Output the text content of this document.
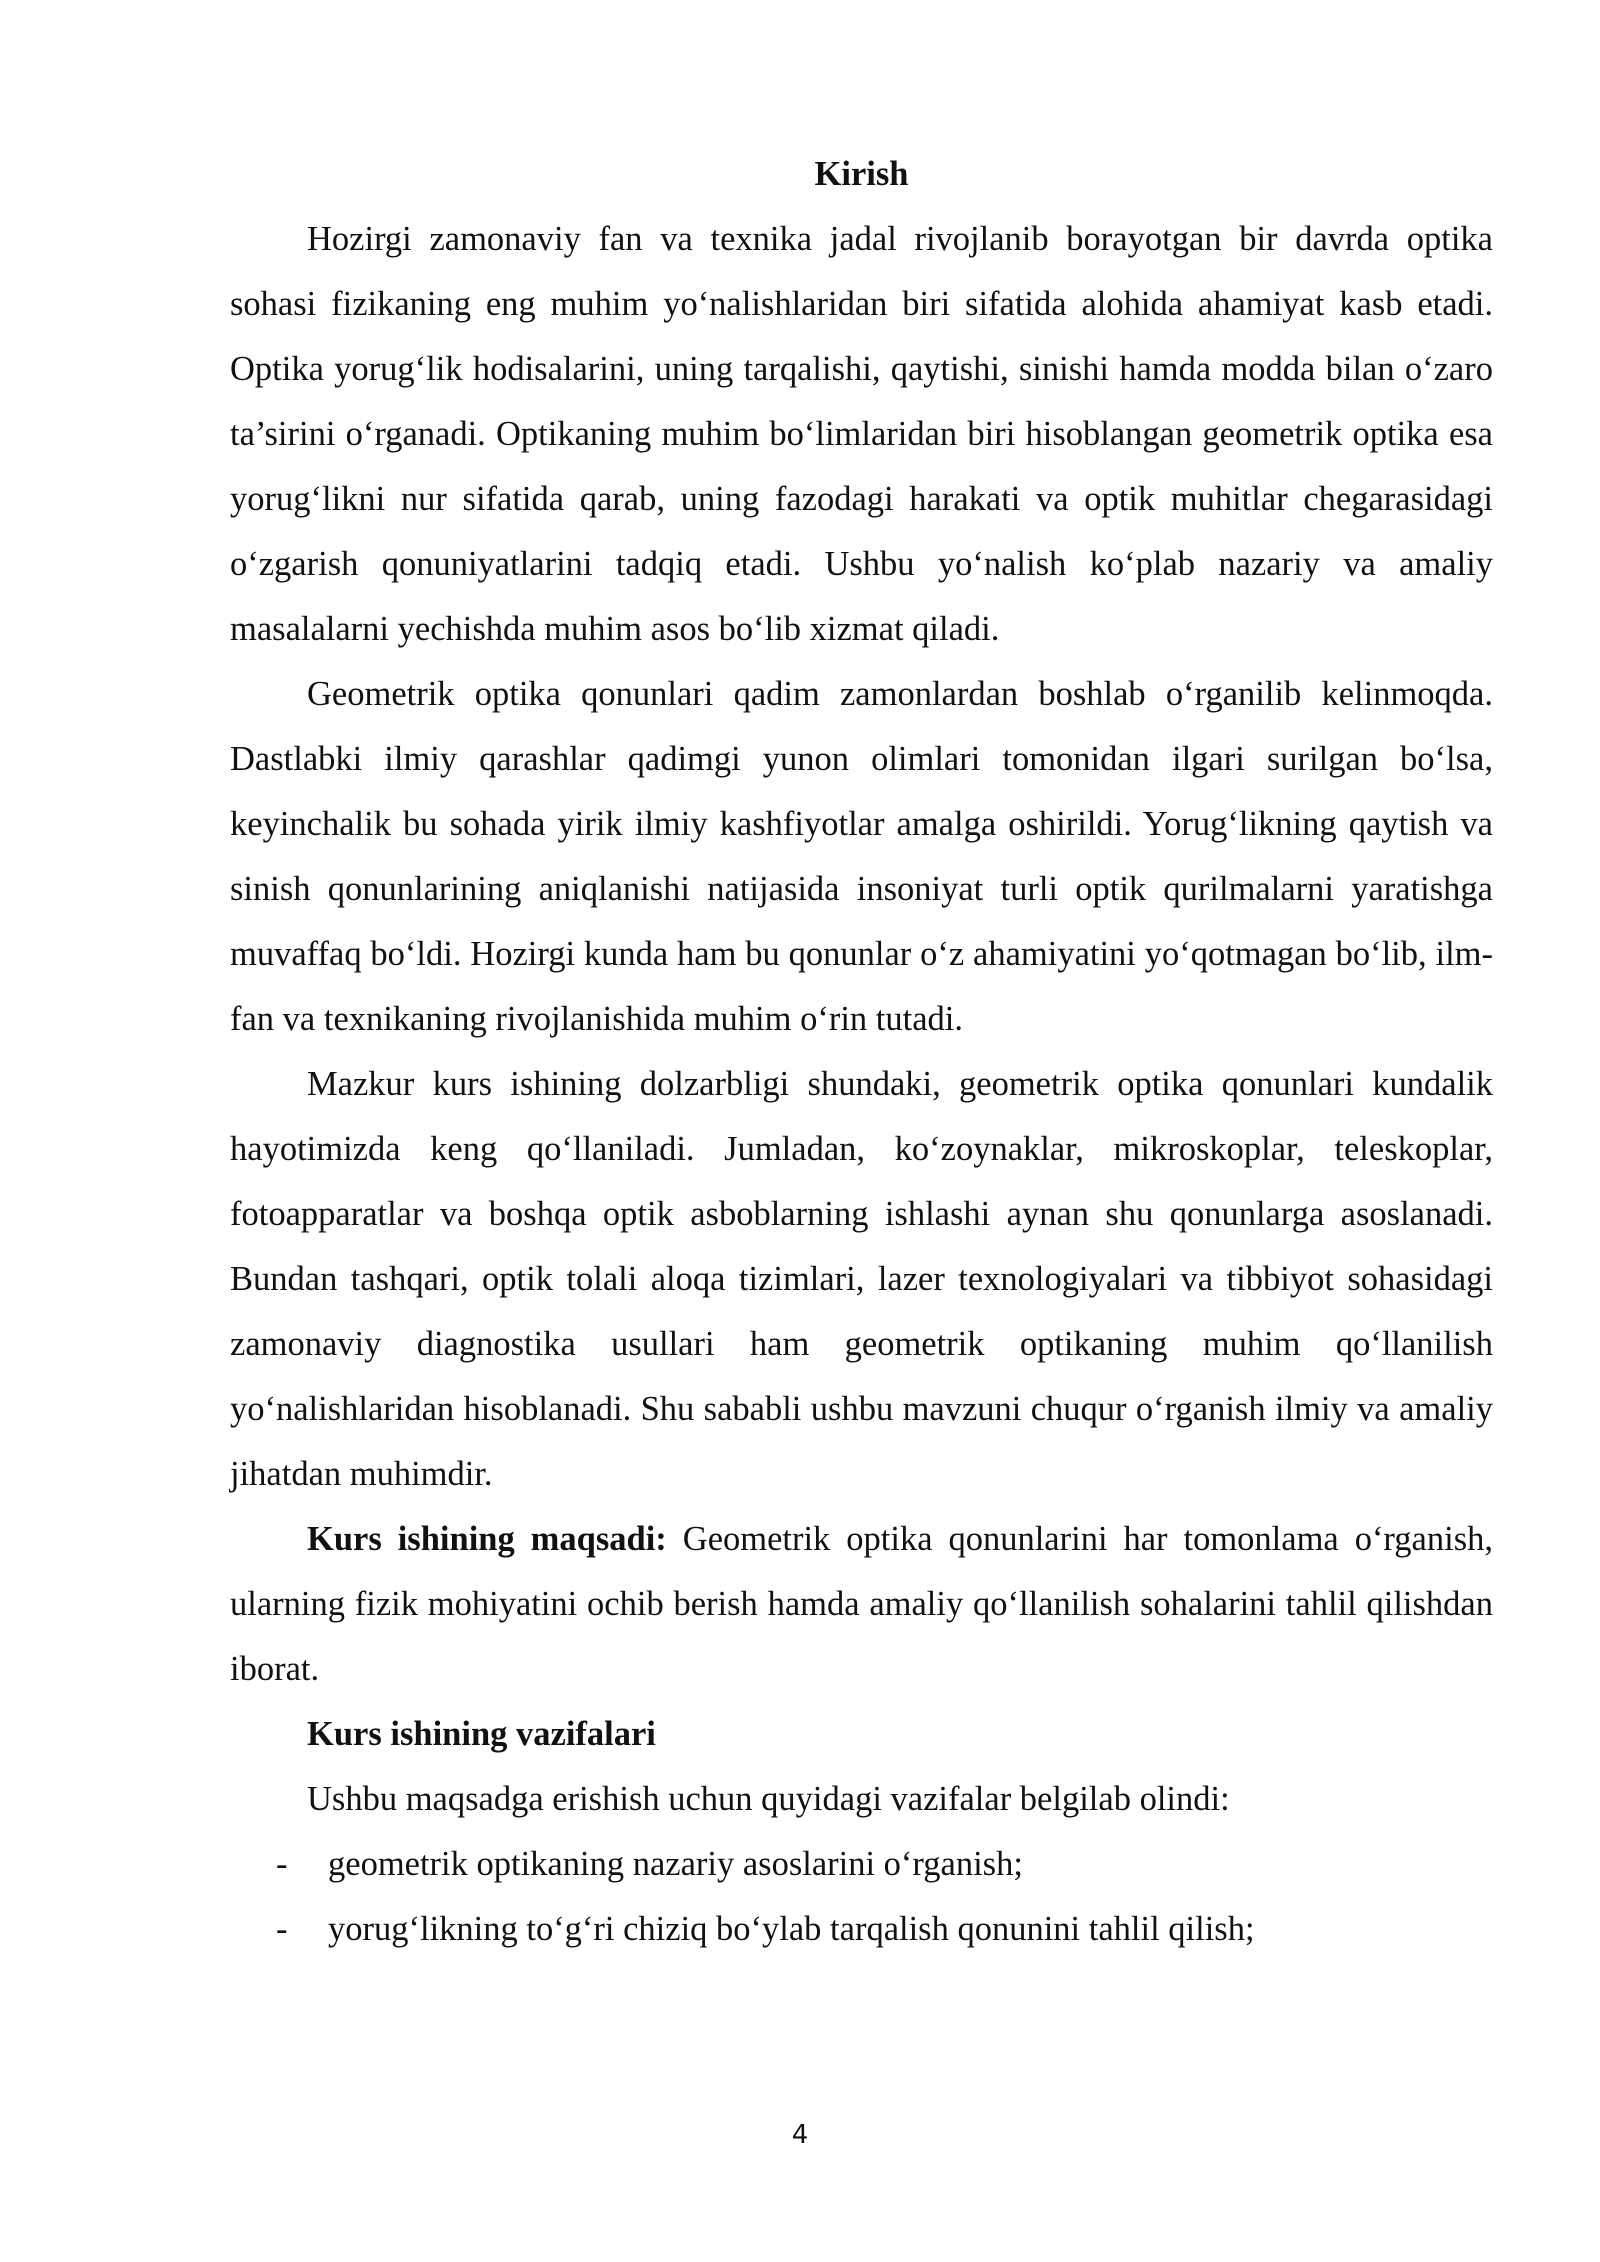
Kirish

Hozirgi zamonaviy fan va texnika jadal rivojlanib borayotgan bir davrda optika sohasi fizikaning eng muhim yo‘nalishlaridan biri sifatida alohida ahamiyat kasb etadi. Optika yorug‘lik hodisalarini, uning tarqalishi, qaytishi, sinishi hamda modda bilan o‘zaro ta’sirini o‘rganadi. Optikaning muhim bo‘limlaridan biri hisoblangan geometrik optika esa yorug‘likni nur sifatida qarab, uning fazodagi harakati va optik muhitlar chegarasidagi o‘zgarish qonuniyatlarini tadqiq etadi. Ushbu yo‘nalish ko‘plab nazariy va amaliy masalalarni yechishda muhim asos bo‘lib xizmat qiladi.

Geometrik optika qonunlari qadim zamonlardan boshlab o‘rganilib kelinmoqda. Dastlabki ilmiy qarashlar qadimgi yunon olimlari tomonidan ilgari surilgan bo‘lsa, keyinchalik bu sohada yirik ilmiy kashfiyotlar amalga oshirildi. Yorug‘likning qaytish va sinish qonunlarining aniqlanishi natijasida insoniyat turli optik qurilmalarni yaratishga muvaffaq bo‘ldi. Hozirgi kunda ham bu qonunlar o‘z ahamiyatini yo‘qotmagan bo‘lib, ilm-fan va texnikaning rivojlanishida muhim o‘rin tutadi.

Mazkur kurs ishining dolzarbligi shundaki, geometrik optika qonunlari kundalik hayotimizda keng qo‘llaniladi. Jumladan, ko‘zoynaklar, mikroskoplar, teleskoplar, fotoapparatlar va boshqa optik asboblarning ishlashi aynan shu qonunlarga asoslanadi. Bundan tashqari, optik tolali aloqa tizimlari, lazer texnologiyalari va tibbiyot sohasidagi zamonaviy diagnostika usullari ham geometrik optikaning muhim qo‘llanilish yo‘nalishlaridan hisoblanadi. Shu sababli ushbu mavzuni chuqur o‘rganish ilmiy va amaliy jihatdan muhimdir.

Kurs ishining maqsadi: Geometrik optika qonunlarini har tomonlama o‘rganish, ularning fizik mohiyatini ochib berish hamda amaliy qo‘llanilish sohalarini tahlil qilishdan iborat.

Kurs ishining vazifalari
Ushbu maqsadga erishish uchun quyidagi vazifalar belgilab olindi:
- geometrik optikaning nazariy asoslarini o‘rganish;
- yorug‘likning to‘g‘ri chiziq bo‘ylab tarqalish qonunini tahlil qilish;
4
